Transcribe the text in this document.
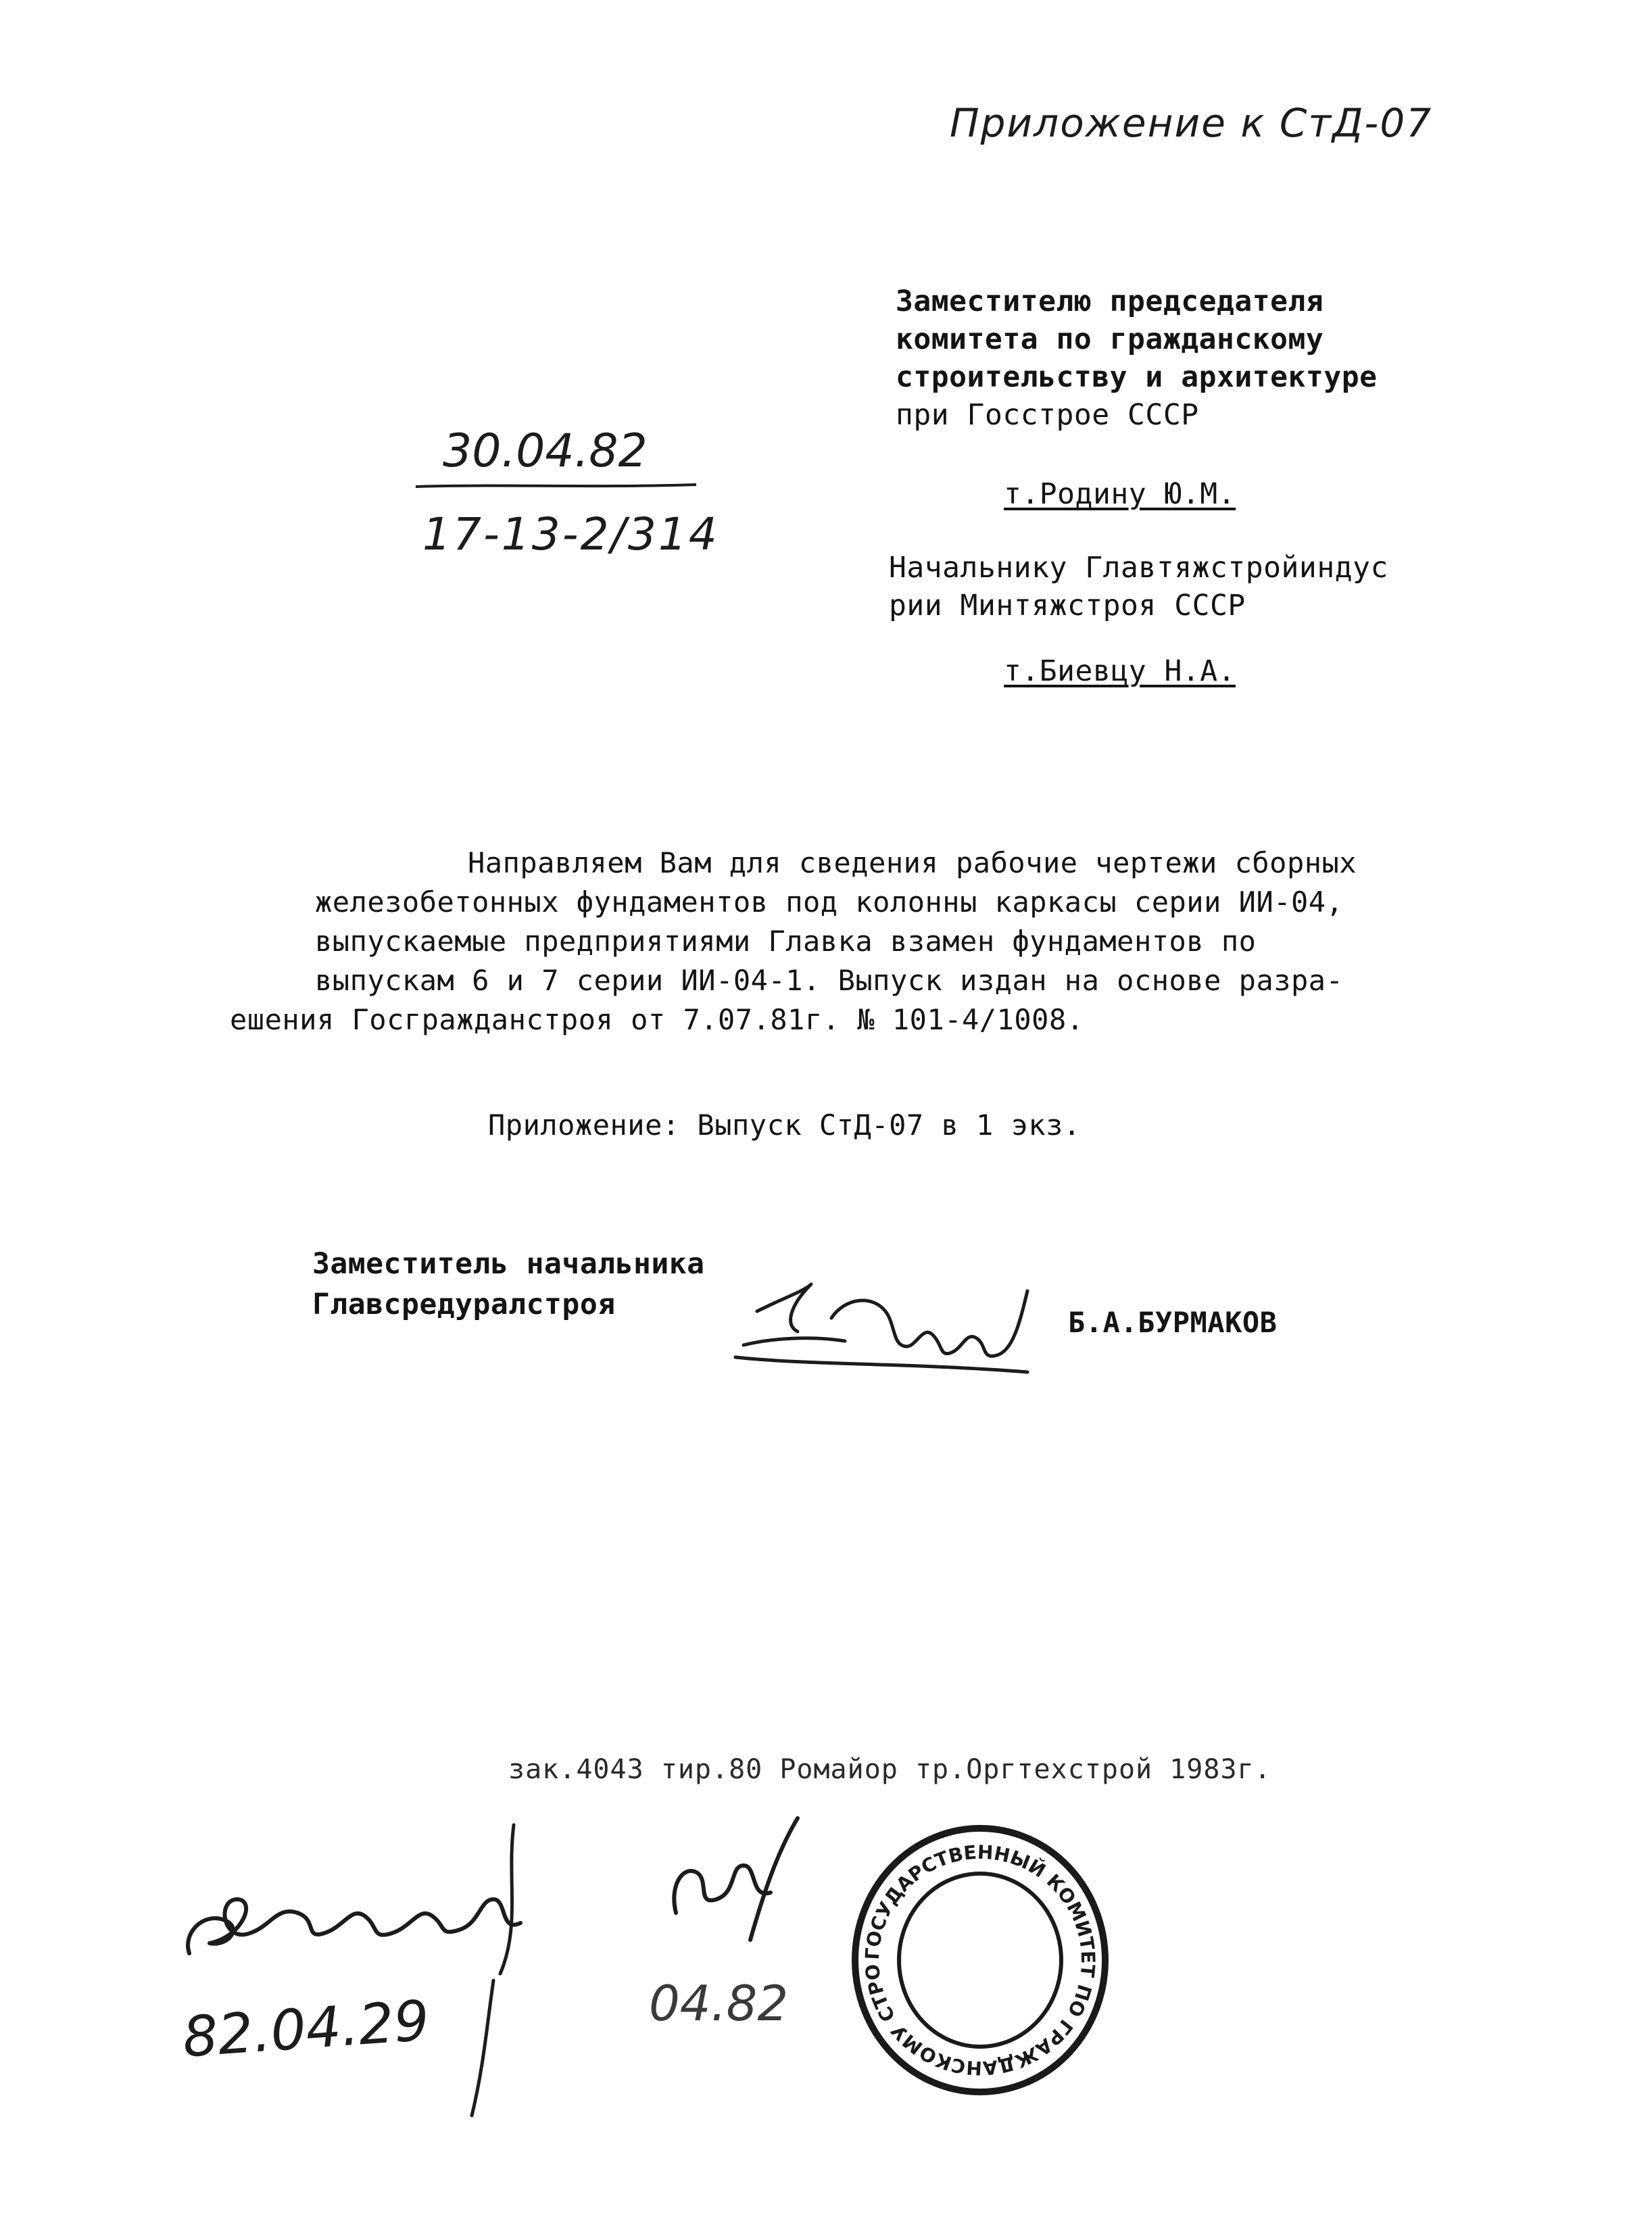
Приложение к СтД-07
30.04.82
17-13-2/314
Заместителю председателя
комитета по гражданскому
строительству и архитектуре
при Госстрое СССР
т.Родину Ю.М.
Начальнику Главтяжстройиндус
рии Минтяжстроя СССР
т.Биевцу Н.А.
Направляем Вам для сведения рабочие чертежи сборных
железобетонных фундаментов под колонны каркасы серии ИИ-04,
выпускаемые предприятиями Главка взамен фундаментов по
выпускам 6 и 7 серии ИИ-04-1. Выпуск издан на основе разра-
ешения Госгражданстроя от 7.07.81г. № 101-4/1008.
Приложение: Выпуск СтД-07 в 1 экз.
Заместитель начальника
Главсредуралстроя
Б.А.БУРМАКОВ
зак.4043 тир.80 Ромайор тр.Оргтехстрой 1983г.
82.04.29	04.82
ГОСУДАРСТВЕННЫЙ КОМИТЕТ ПО ГРАЖДАНСКОМУ СТРОИТЕЛЬСТВУ И АРХИТЕКТУРЕ
